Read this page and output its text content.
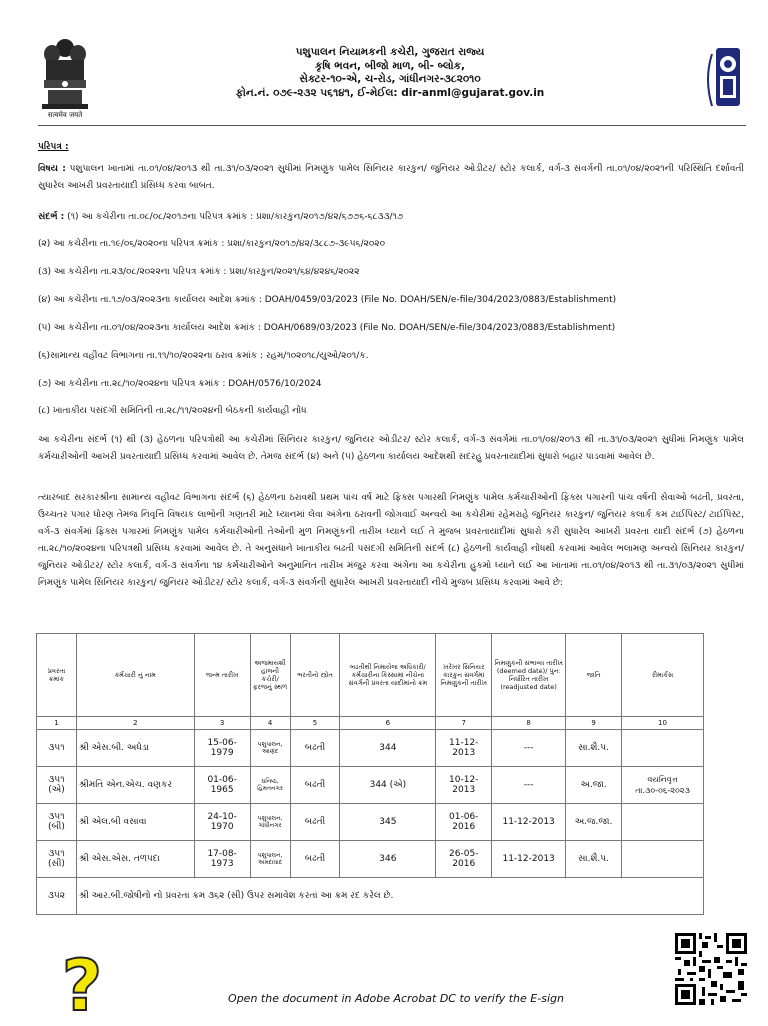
सत्यमेव जयते
પશુપાલન નિયામકની કચેરી, ગુજરાત રાજ્ય
કૃષિ ભવન, બીજો માળ, બી- બ્લોક,
સેક્ટર-૧૦-એ, ચ-રોડ, ગાંધીનગર-૩૮૨૦૧૦
ફોન.નં. ૦૭૯-૨૩૨ ૫૬૧૪૧, ઈ-મેઈલ: dir-anml@gujarat.gov.in
પરિપત્ર :
વિષય : પશુપાલન ખાતામાં તા.૦૧/૦૪/૨૦૧૩ થી તા.૩૧/૦૩/૨૦૨૧ સુધીમાં નિમણુંક પામેલ સિનિયર કારકુન/ જુનિયર ઓડીટર/ સ્ટોર કલાર્ક, વર્ગ-૩ સંવર્ગની તા.૦૧/૦૪/૨૦૨૧ની પરિસ્થિતિ દર્શાવતી સુધારેલ આખરી પ્રવરતાયાદી પ્રસિધ્ધ કરવા બાબત.
સંદર્ભ : (૧) આ કચેરીના તા.૦૮/૦૮/૨૦૧૭ના પરિપત્ર ક્રમાંક : પ્રશા/કારકુન/૨૦૧૭/૪૨/૬૭૭૬-૬૮૩૩/૧૭
(૨) આ કચેરીના તા.૧૯/૦૬/૨૦૨૦ના પરિપત્ર ક્રમાંક : પ્રશા/કારકુન/૨૦૧૭/૪૨/૩૮૮૭-૩૯૫૬/૨૦૨૦
(૩) આ કચેરીના તા.૨૩/૦૮/૨૦૨૨ના પરિપત્ર ક્રમાંક : પ્રશા/કારકુન/૨૦૨૧/૬૪/૪૨૪૬/૨૦૨૨
(૪) આ કચેરીના તા.૧૭/૦૩/૨૦૨૩ના કાર્યાલય આદેશ ક્રમાંક : DOAH/0459/03/2023 (File No. DOAH/SEN/e-file/304/2023/0883/Establishment)
(૫) આ કચેરીના તા.૦૧/૦૪/૨૦૨૩ના કાર્યાલય આદેશ ક્રમાંક : DOAH/0689/03/2023 (File No. DOAH/SEN/e-file/304/2023/0883/Establishment)
(૬)સામાન્ય વહીવટ વિભાગના તા.૧૧/૧૦/૨૦૨૨ના ઠરાવ ક્રમાંક : રહમ/૧૦૨૦૧૮/યુઓ/૨૦૧/ક.
(૭) આ કચેરીના તા.૨૮/૧૦/૨૦૨૪ના પરિપત્ર ક્રમાંક : DOAH/0576/10/2024
(૮) ખાતાકીય પસંદગી સમિતિની તા.૨૮/૧૧/૨૦૨૪ની બેઠકની કાર્યવાહી નોંધ
આ કચેરીના સંદર્ભ (૧) થી (૩) હેઠળના પરિપત્રોથી આ કચેરીમાં સિનિયર કારકુન/ જુનિયર ઓડીટર/ સ્ટોર કલાર્ક, વર્ગ-૩ સંવર્ગમાં તા.૦૧/૦૪/૨૦૧૩ થી તા.૩૧/૦૩/૨૦૨૧ સુધીમાં નિમણુંક પામેલ કર્મચારીઓની આખરી પ્રવરતાયાદી પ્રસિધ્ધ કરવામાં આવેલ છે. તેમજ સંદર્ભ (૪) અને (૫) હેઠળના કાર્યાલય આદેશથી સદરહુ પ્રવરતાયાદીમાં સુધારો બહાર પાડવામાં આવેલ છે.
ત્યારબાદ સરકારશ્રીના સામાન્ય વહીવટ વિભાગના સંદર્ભ (૬) હેઠળના ઠરાવથી પ્રથમ પાંચ વર્ષ માટે ફિક્સ પગારથી નિમણુંક પામેલ કર્મચારીઓની ફિક્સ પગારની પાંચ વર્ષની સેવાઓ બઢતી, પ્રવરતા, ઉચ્ચતર પગાર ધોરણ તેમજ નિવૃત્તિ વિષયક લાભોની ગણતરી માટે ધ્યાનમાં લેવા અંગેના ઠરાવની જોગવાઈ અન્વયે આ કચેરીમાં રહેમરાહે જુનિયર કારકુન/ જુનિયર કલાર્ક કમ ટાઈપિસ્ટ/ ટાઈપિસ્ટ, વર્ગ-૩ સંવર્ગમાં ફિક્સ પગારમાં નિમણુંક પામેલ કર્મચારીઓની તેઓની મુળ નિમણુંકની તારીખ ધ્યાને લઈ તે મુજબ પ્રવરતાયાદીમાં સુધારો કરી સુધારેલ આખરી પ્રવરતા યાદી સંદર્ભ (૭) હેઠળના તા.૨૮/૧૦/૨૦૨૪ના પરિપત્રથી પ્રસિધ્ધ કરવામાં આવેલ છે. તે અનુસંધાને ખાતાકીય બઢતી પસંદગી સમિતિની સંદર્ભ (૮) હેઠળની કાર્યવાહી નોંધથી કરવામાં આવેલ ભલામણ અન્વયે સિનિયર કારકુન/ જુનિયર ઓડીટર/ સ્ટોર કલાર્ક, વર્ગ-૩ સંવર્ગના ૧૪ કર્મચારીઓને અનુમાનિત તારીખ મંજુર કરવા અંગેના આ કચેરીના હુકમો ધ્યાને લઈ આ ખાતામાં તા.૦૧/૦૪/૨૦૧૩ થી તા.૩૧/૦૩/૨૦૨૧ સુધીમાં નિમણુંક પામેલ સિનિયર કારકુન/ જુનિયર ઓડીટર/ સ્ટોર કલાર્ક, વર્ગ-૩ સંવર્ગની સુધારેલ આખરી પ્રવરતાયાદી નીચે મુજબ પ્રસિધ્ધ કરવામાં આવે છે:
પ્રવરતા ક્રમાંક	કર્મચારી નું નામ	જન્મ તારીખ	અજમાયશી હાલની કચેરી/ફરજનું સ્થળ	ભરતીનો સ્ત્રોત	બઢતીથી નિમાયેલા અધિકારી/ કર્મચારીના કિસ્સામાં નીચેના સંવર્ગની પ્રવરતા યાદીમાંનો ક્રમ	ખરેખર સિનિયર કારકુન સંવર્ગમાં નિમણુંકની તારીખ	નિમણુંકની સંભાવ્ય તારીખ (deemed date)/ પુનઃ નિર્ધારિત તારીખ (readjusted date)	જાતિ	રીમાર્કસ
1	2	3	4	5	6	7	8	9	10
૩૫૧	શ્રી એસ.બી. અધેડા	15-06-1979	પશુપાલન, આણંદ	બઢતી	344	11-12-2013	---	સા.શૈ.પ.	
૩૫૧ (એ)	શ્રીમતિ એન.એચ. વણકર	01-06-1965	ઘનિષ્ઠ, હિંમતનગર	બઢતી	344 (એ)	10-12-2013	---	અ.જા.	વયનિવૃત્ત તા.૩૦-૦૬-૨૦૨૩
૩૫૧ (બી)	શ્રી એલ.બી વસાવા	24-10-1970	પશુપાલન, ગાંધીનગર	બઢતી	345	01-06-2016	11-12-2013	અ.જ.જા.	
૩૫૧ (સી)	શ્રી એસ.એસ. તળપદા	17-08-1973	પશુપાલન, અમદાવાદ	બઢતી	346	26-05-2016	11-12-2013	સા.શૈ.પ.	
૩૫૨	શ્રી આર.બી.જોષીનો નો પ્રવરતા ક્રમ ૩૬૨ (સી) ઉપર સમાવેશ કરતાં આ ક્રમ રદ કરેલ છે.								
?	Open the document in Adobe Acrobat DC to verify the E-sign
